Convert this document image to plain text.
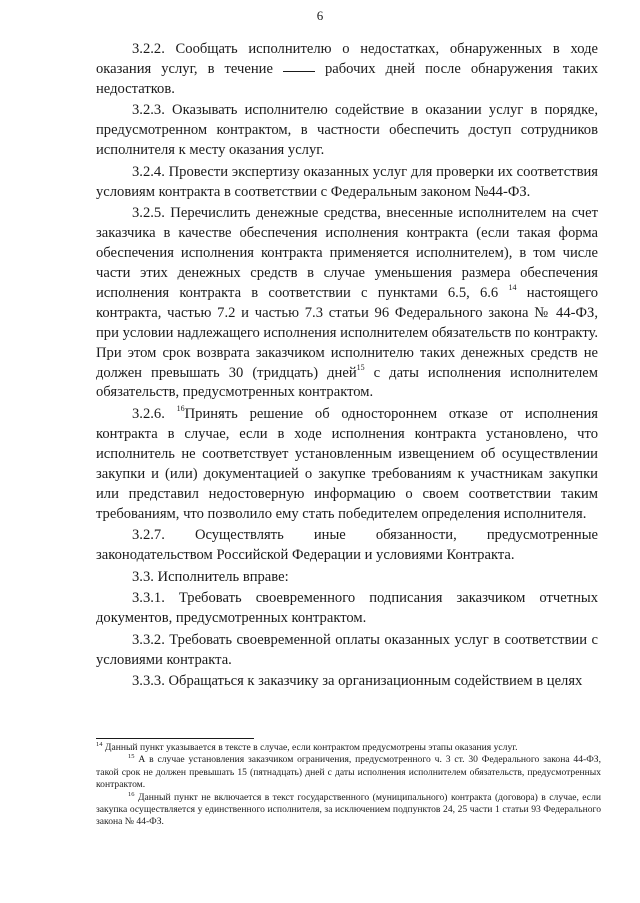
6

3.2.2. Сообщать исполнителю о недостатках, обнаруженных в ходе оказания услуг, в течение  рабочих дней после обнаружения таких недостатков.

3.2.3. Оказывать исполнителю содействие в оказании услуг в порядке, предусмотренном контрактом, в частности обеспечить доступ сотрудников исполнителя к месту оказания услуг.

3.2.4. Провести экспертизу оказанных услуг для проверки их соответствия условиям контракта в соответствии с Федеральным законом №44-ФЗ.

3.2.5. Перечислить денежные средства, внесенные исполнителем на счет заказчика в качестве обеспечения исполнения контракта (если такая форма обеспечения исполнения контракта применяется исполнителем), в том числе части этих денежных средств в случае уменьшения размера обеспечения исполнения контракта в соответствии с пунктами 6.5, 6.6 $^{14}$ настоящего контракта, частью 7.2 и частью 7.3 статьи 96 Федерального закона № 44-ФЗ, при условии надлежащего исполнения исполнителем обязательств по контракту. При этом срок возврата заказчиком исполнителю таких денежных средств не должен превышать 30 (тридцать) дней$^{15}$ с даты исполнения исполнителем обязательств, предусмотренных контрактом.

3.2.6. $^{16}$Принять решение об одностороннем отказе от исполнения контракта в случае, если в ходе исполнения контракта установлено, что исполнитель не соответствует установленным извещением об осуществлении закупки и (или) документацией о закупке требованиям к участникам закупки или представил недостоверную информацию о своем соответствии таким требованиям, что позволило ему стать победителем определения исполнителя.

3.2.7. Осуществлять иные обязанности, предусмотренные законодательством Российской Федерации и условиями Контракта.

3.3. Исполнитель вправе:

3.3.1. Требовать своевременного подписания заказчиком отчетных документов, предусмотренных контрактом.

3.3.2. Требовать своевременной оплаты оказанных услуг в соответствии с условиями контракта.

3.3.3. Обращаться к заказчику за организационным содействием в целях

$^{14}$ Данный пункт указывается в тексте в случае, если контрактом предусмотрены этапы оказания услуг.

$^{15}$ А в случае установления заказчиком ограничения, предусмотренного ч. 3 ст. 30 Федерального закона 44-ФЗ, такой срок не должен превышать 15 (пятнадцать) дней с даты исполнения исполнителем обязательств, предусмотренных контрактом.

$^{16}$ Данный пункт не включается в текст государственного (муниципального) контракта (договора) в случае, если закупка осуществляется у единственного исполнителя, за исключением подпунктов 24, 25 части 1 статьи 93 Федерального закона № 44-ФЗ.
